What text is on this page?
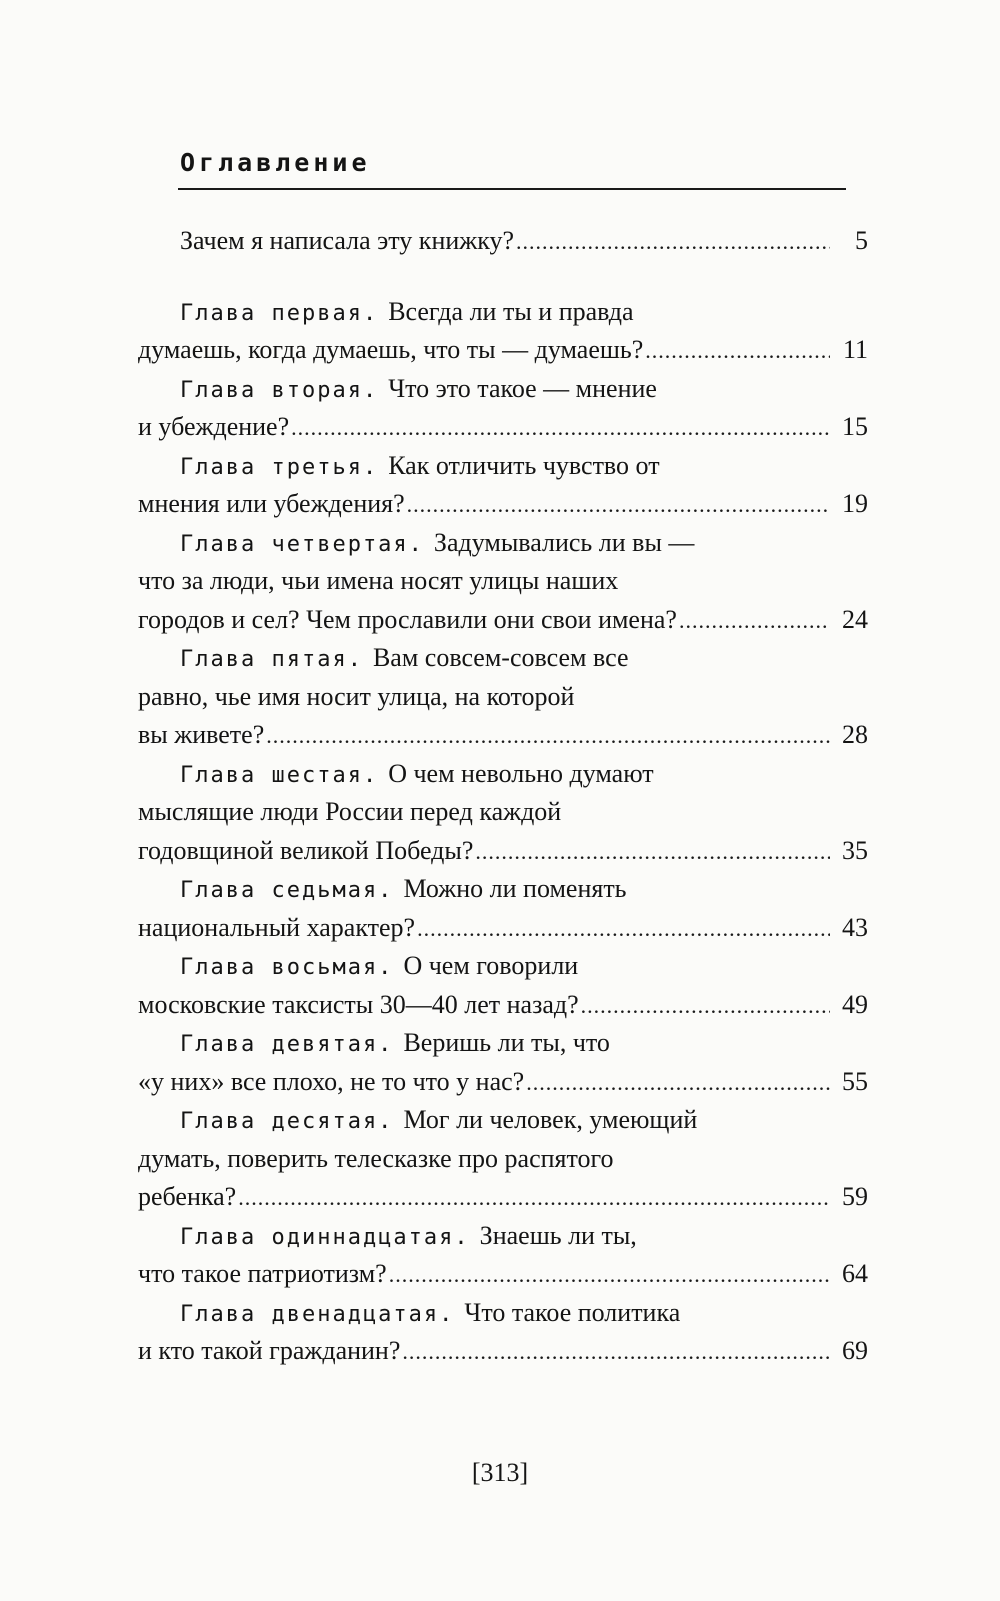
Оглавление
Зачем я написала эту книжку? .....	5
Глава первая. Всегда ли ты и правда
думаешь, когда думаешь, что ты — думаешь? .....	11
Глава вторая. Что это такое — мнение
и убеждение? .....	15
Глава третья. Как отличить чувство от
мнения или убеждения? .....	19
Глава четвертая. Задумывались ли вы —
что за люди, чьи имена носят улицы наших
городов и сел? Чем прославили они свои имена? .....	24
Глава пятая. Вам совсем-совсем все
равно, чье имя носит улица, на которой
вы живете? .....	28
Глава шестая. О чем невольно думают
мыслящие люди России перед каждой
годовщиной великой Победы? .....	35
Глава седьмая. Можно ли поменять
национальный характер? .....	43
Глава восьмая. О чем говорили
московские таксисты 30—40 лет назад? .....	49
Глава девятая. Веришь ли ты, что
«у них» все плохо, не то что у нас? .....	55
Глава десятая. Мог ли человек, умеющий
думать, поверить телесказке про распятого
ребенка? .....	59
Глава одиннадцатая. Знаешь ли ты,
что такое патриотизм? .....	64
Глава двенадцатая. Что такое политика
и кто такой гражданин? .....	69

[313]
